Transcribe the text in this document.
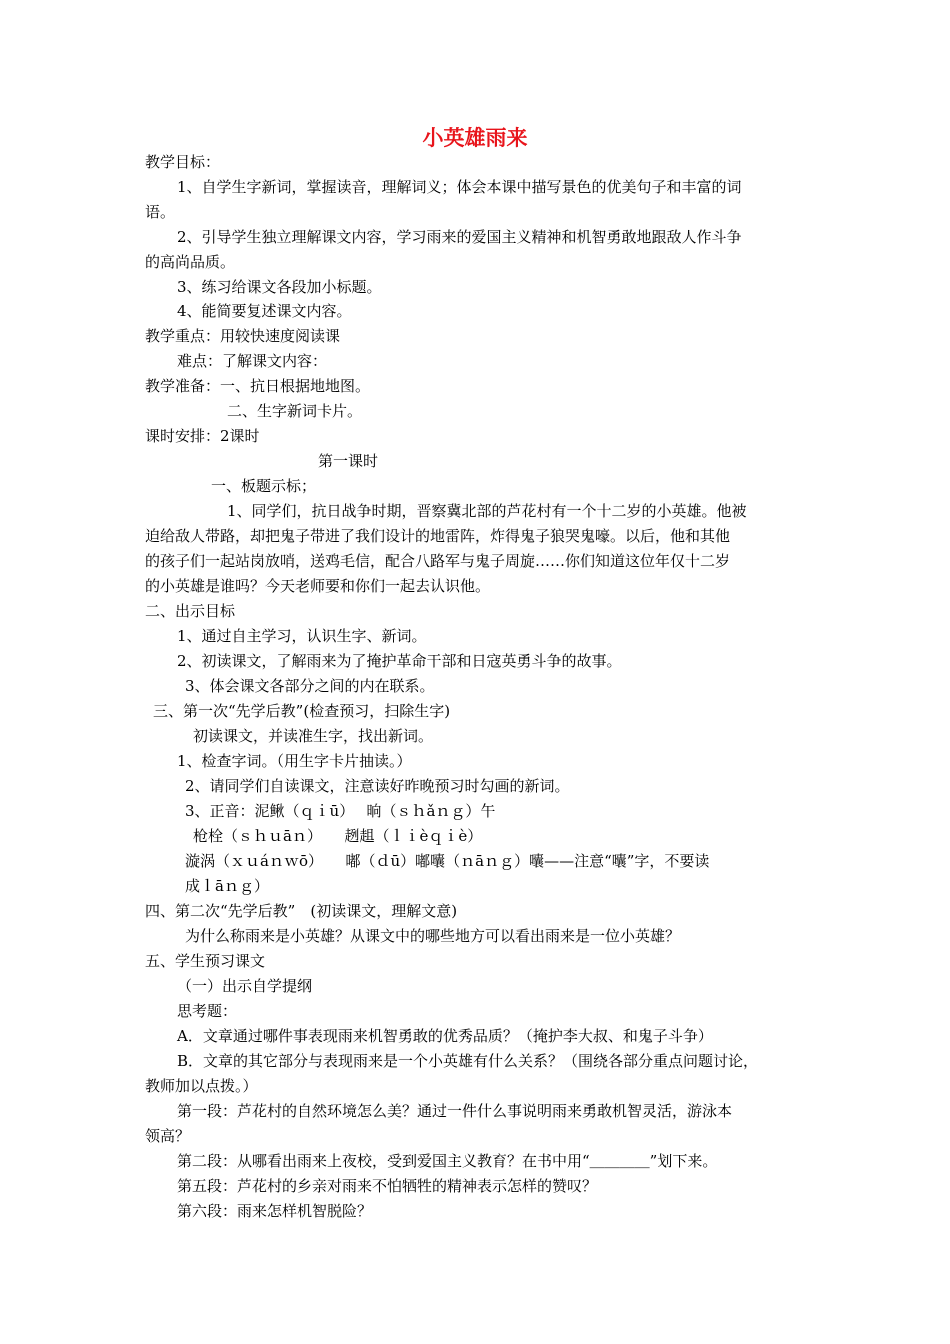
小英雄雨来
教学目标：
1、自学生字新词，掌握读音，理解词义；体会本课中描写景色的优美句子和丰富的词
语。
2、引导学生独立理解课文内容，学习雨来的爱国主义精神和机智勇敢地跟敌人作斗争
的高尚品质。
3、练习给课文各段加小标题。
4、能简要复述课文内容。
教学重点：用较快速度阅读课
难点：了解课文内容：
教学准备：一、抗日根据地地图。
二、生字新词卡片。
课时安排：2课时
第一课时
一、板题示标；
1、同学们，抗日战争时期，晋察冀北部的芦花村有一个十二岁的小英雄。他被
迫给敌人带路，却把鬼子带进了我们设计的地雷阵，炸得鬼子狼哭鬼嚎。以后，他和其他
的孩子们一起站岗放哨，送鸡毛信，配合八路军与鬼子周旋……你们知道这位年仅十二岁
的小英雄是谁吗？今天老师要和你们一起去认识他。
二、出示目标
1、通过自主学习，认识生字、新词。
2、初读课文，了解雨来为了掩护革命干部和日寇英勇斗争的故事。
3、体会课文各部分之间的内在联系。
三、第一次“先学后教”(检查预习，扫除生字)
初读课文，并读准生字，找出新词。
1、检查字词。（用生字卡片抽读。）
2、请同学们自读课文，注意读好昨晚预习时勾画的新词。
3、正音：泥鳅（ｑｉū）　 晌（ｓｈǎｎｇ）午
枪栓（ｓｈｕāｎ）　　趔趄（ｌｉèｑｉè）
漩涡（ｘｕáｎｗō）　　嘟（ｄū）嘟囔（ｎāｎｇ）囔——注意“囔”字，不要读
成ｌāｎｇ）
四、第二次“先学后教”　(初读课文，理解文意)
为什么称雨来是小英雄？从课文中的哪些地方可以看出雨来是一位小英雄？
五、学生预习课文
（一）出示自学提纲
思考题：
A．文章通过哪件事表现雨来机智勇敢的优秀品质？（掩护李大叔、和鬼子斗争）
B．文章的其它部分与表现雨来是一个小英雄有什么关系？（围绕各部分重点问题讨论，
教师加以点拨。）
第一段：芦花村的自然环境怎么美？通过一件什么事说明雨来勇敢机智灵活，游泳本
领高？
第二段：从哪看出雨来上夜校，受到爱国主义教育？在书中用“＿＿＿＿”划下来。
第五段：芦花村的乡亲对雨来不怕牺牲的精神表示怎样的赞叹？
第六段：雨来怎样机智脱险？
